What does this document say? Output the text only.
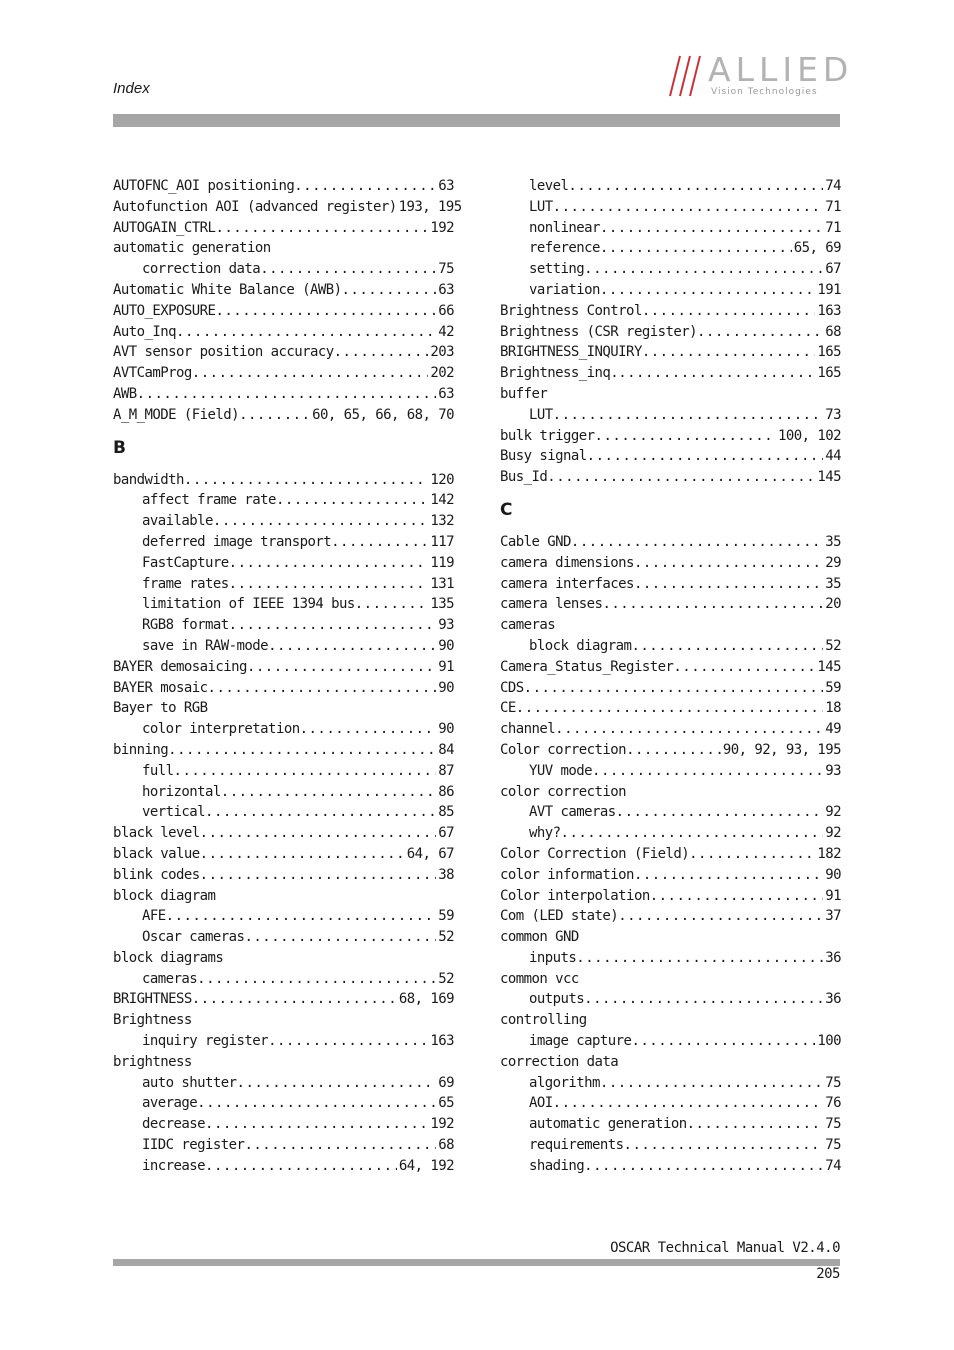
Index	ALLIED
Vision Technologies
AUTOFNC_AOI positioning .....	63
Autofunction AOI (advanced register) 193, 195
AUTOGAIN_CTRL .....	192
automatic generation
correction data .....	75
Automatic White Balance (AWB) .....	63
AUTO_EXPOSURE .....	66
Auto_Inq .....	42
AVT sensor position accuracy .....	203
AVTCamProg .....	202
AWB .....	63
A_M_MODE (Field) .....	60, 65, 66, 68, 70
B
bandwidth .....	120
affect frame rate .....	142
available .....	132
deferred image transport .....	117
FastCapture .....	119
frame rates .....	131
limitation of IEEE 1394 bus .....	135
RGB8 format .....	93
save in RAW-mode .....	90
BAYER demosaicing .....	91
BAYER mosaic .....	90
Bayer to RGB
color interpretation .....	90
binning .....	84
full .....	87
horizontal .....	86
vertical .....	85
black level .....	67
black value .....	64, 67
blink codes .....	38
block diagram
AFE .....	59
Oscar cameras .....	52
block diagrams
cameras .....	52
BRIGHTNESS .....	68, 169
Brightness
inquiry register .....	163
brightness
auto shutter .....	69
average .....	65
decrease .....	192
IIDC register .....	68
increase .....	64, 192
level .....	74
LUT .....	71
nonlinear .....	71
reference .....	65, 69
setting .....	67
variation .....	191
Brightness Control .....	163
Brightness (CSR register) .....	68
BRIGHTNESS_INQUIRY .....	165
Brightness_inq. .....	165
buffer
LUT .....	73
bulk trigger .....	100, 102
Busy signal .....	44
Bus_Id .....	145
C
Cable GND .....	35
camera dimensions .....	29
camera interfaces .....	35
camera lenses .....	20
cameras
block diagram .....	52
Camera_Status_Register .....	145
CDS .....	59
CE .....	18
channel .....	49
Color correction .....	90, 92, 93, 195
YUV mode .....	93
color correction
AVT cameras .....	92
why? .....	92
Color Correction (Field) .....	182
color information .....	90
Color interpolation .....	91
Com (LED state) .....	37
common GND
inputs .....	36
common vcc
outputs .....	36
controlling
image capture .....	100
correction data
algorithm .....	75
AOI .....	76
automatic generation .....	75
requirements .....	75
shading .....	74
OSCAR Technical Manual V2.4.0
205
